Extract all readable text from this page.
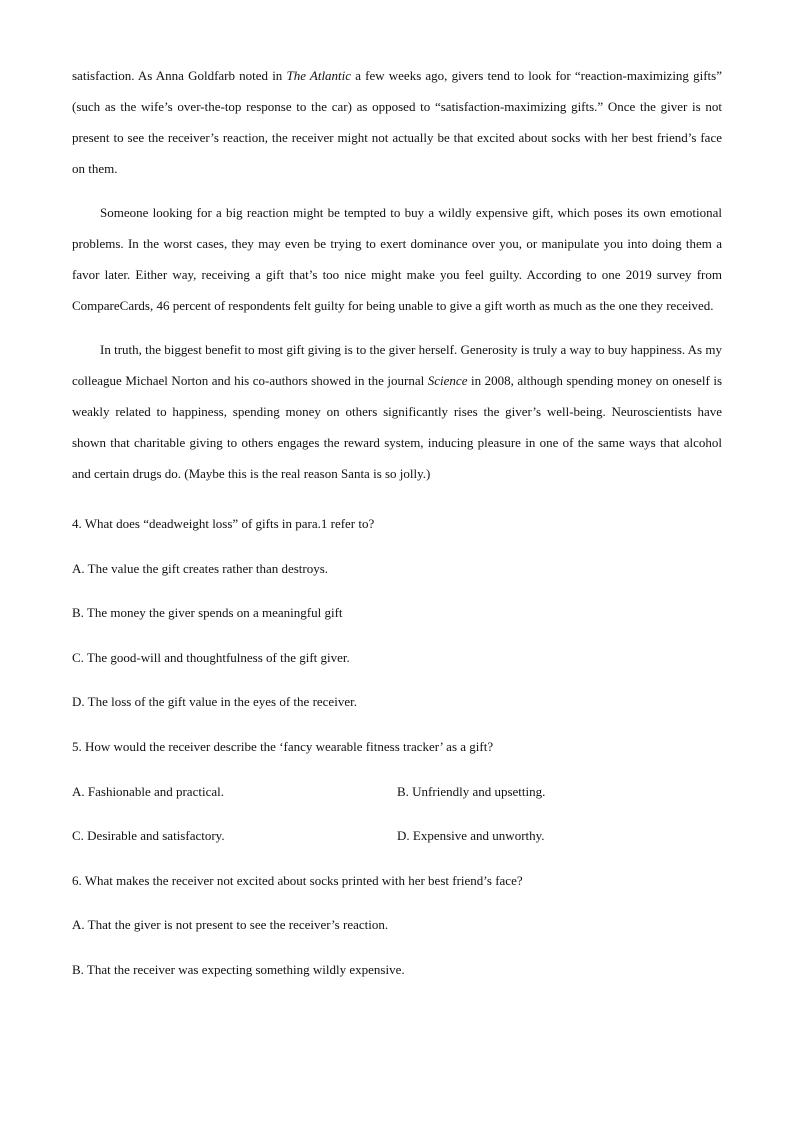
satisfaction. As Anna Goldfarb noted in The Atlantic a few weeks ago, givers tend to look for “reaction-maximizing gifts” (such as the wife’s over-the-top response to the car) as opposed to “satisfaction-maximizing gifts.” Once the giver is not present to see the receiver’s reaction, the receiver might not actually be that excited about socks with her best friend’s face on them.

Someone looking for a big reaction might be tempted to buy a wildly expensive gift, which poses its own emotional problems. In the worst cases, they may even be trying to exert dominance over you, or manipulate you into doing them a favor later. Either way, receiving a gift that’s too nice might make you feel guilty. According to one 2019 survey from CompareCards, 46 percent of respondents felt guilty for being unable to give a gift worth as much as the one they received.

In truth, the biggest benefit to most gift giving is to the giver herself. Generosity is truly a way to buy happiness. As my colleague Michael Norton and his co-authors showed in the journal Science in 2008, although spending money on oneself is weakly related to happiness, spending money on others significantly rises the giver’s well-being. Neuroscientists have shown that charitable giving to others engages the reward system, inducing pleasure in one of the same ways that alcohol and certain drugs do. (Maybe this is the real reason Santa is so jolly.)

4. What does “deadweight loss” of gifts in para.1 refer to?

A. The value the gift creates rather than destroys.

B. The money the giver spends on a meaningful gift

C. The good-will and thoughtfulness of the gift giver.

D. The loss of the gift value in the eyes of the receiver.

5. How would the receiver describe the ‘fancy wearable fitness tracker’ as a gift?

A. Fashionable and practical.	B. Unfriendly and upsetting.
C. Desirable and satisfactory.	D. Expensive and unworthy.

6. What makes the receiver not excited about socks printed with her best friend’s face?

A. That the giver is not present to see the receiver’s reaction.

B. That the receiver was expecting something wildly expensive.
